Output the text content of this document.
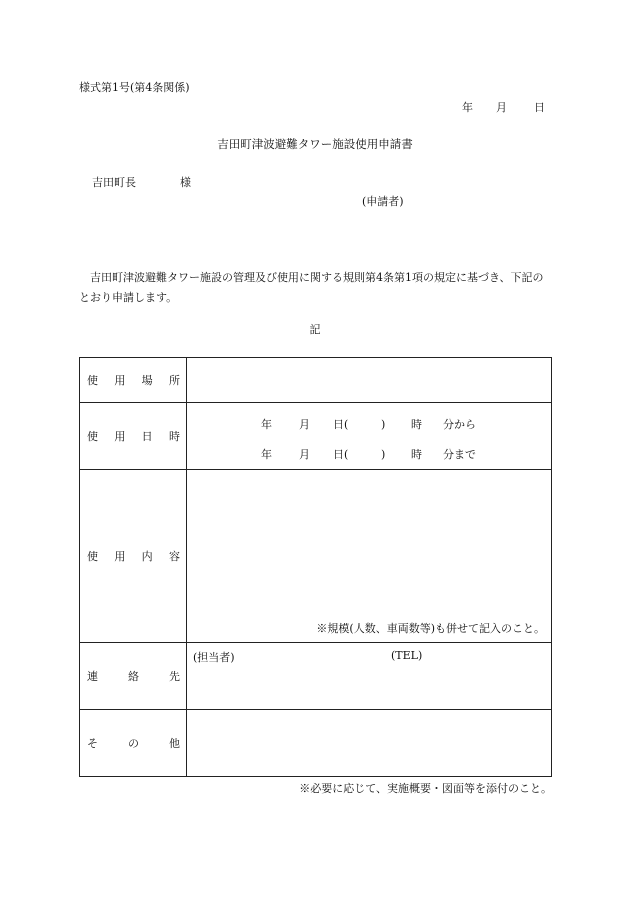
様式第1号(第4条関係)
年 月 日
吉田町津波避難タワー施設使用申請書
吉田町長	様
(申請者)
吉田町津波避難タワー施設の管理及び使用に関する規則第4条第1項の規定に基づき、下記のとおり申請します。
記
使用場所	
使用日時	年 月 日( ) 時 分から
年 月 日( ) 時 分まで

使用内容	※規模(人数、車両数等)も併せて記入のこと。

連絡先	(担当者) (TEL)

その他	
※必要に応じて、実施概要・図面等を添付のこと。
